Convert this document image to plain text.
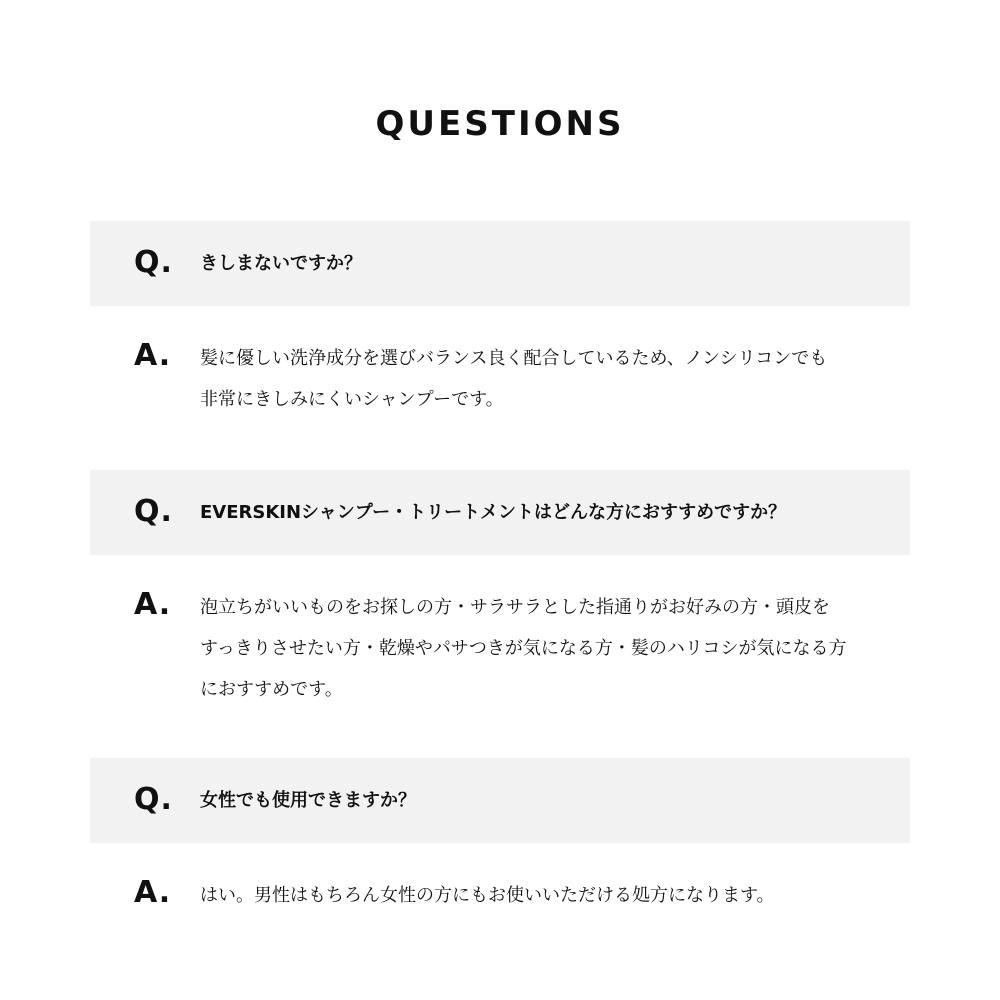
QUESTIONS
Q. きしまないですか？
A. 髪に優しい洗浄成分を選びバランス良く配合しているため、ノンシリコンでも
非常にきしみにくいシャンプーです。

Q. EVERSKINシャンプー・トリートメントはどんな方におすすめですか？
A. 泡立ちがいいものをお探しの方・サラサラとした指通りがお好みの方・頭皮を
すっきりさせたい方・乾燥やパサつきが気になる方・髪のハリコシが気になる方
におすすめです。

Q. 女性でも使用できますか？
A. はい。男性はもちろん女性の方にもお使いいただける処方になります。
